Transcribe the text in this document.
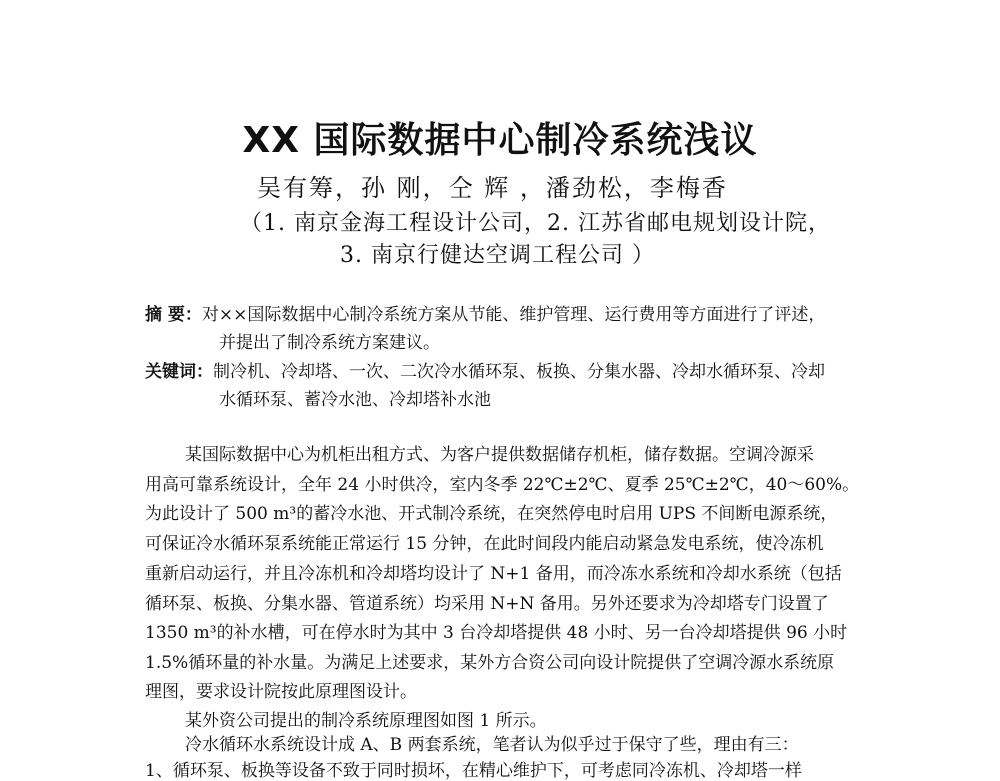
XX 国际数据中心制冷系统浅议
吴有筹，孙 刚，仝 辉 ，潘劲松，李梅香
（1. 南京金海工程设计公司，2. 江苏省邮电规划设计院，
3. 南京行健达空调工程公司 ）
摘 要：对××国际数据中心制冷系统方案从节能、维护管理、运行费用等方面进行了评述，
并提出了制冷系统方案建议。
关键词：制冷机、冷却塔、一次、二次冷水循环泵、板换、分集水器、冷却水循环泵、冷却
水循环泵、蓄冷水池、冷却塔补水池
某国际数据中心为机柜出租方式、为客户提供数据储存机柜，储存数据。空调冷源采
用高可靠系统设计，全年 24 小时供冷，室内冬季 22℃±2℃、夏季 25℃±2℃，40～60%。
为此设计了 500 m³的蓄冷水池、开式制冷系统，在突然停电时启用 UPS 不间断电源系统，
可保证冷水循环泵系统能正常运行 15 分钟，在此时间段内能启动紧急发电系统，使冷冻机
重新启动运行，并且冷冻机和冷却塔均设计了 N+1 备用，而冷冻水系统和冷却水系统（包括
循环泵、板换、分集水器、管道系统）均采用 N+N 备用。另外还要求为冷却塔专门设置了
1350 m³的补水槽，可在停水时为其中 3 台冷却塔提供 48 小时、另一台冷却塔提供 96 小时
1.5%循环量的补水量。为满足上述要求，某外方合资公司向设计院提供了空调冷源水系统原
理图，要求设计院按此原理图设计。
某外资公司提出的制冷系统原理图如图 1 所示。
冷水循环水系统设计成 A、B 两套系统，笔者认为似乎过于保守了些，理由有三：
1、循环泵、板换等设备不致于同时损坏，在精心维护下，可考虑同冷冻机、冷却塔一样
